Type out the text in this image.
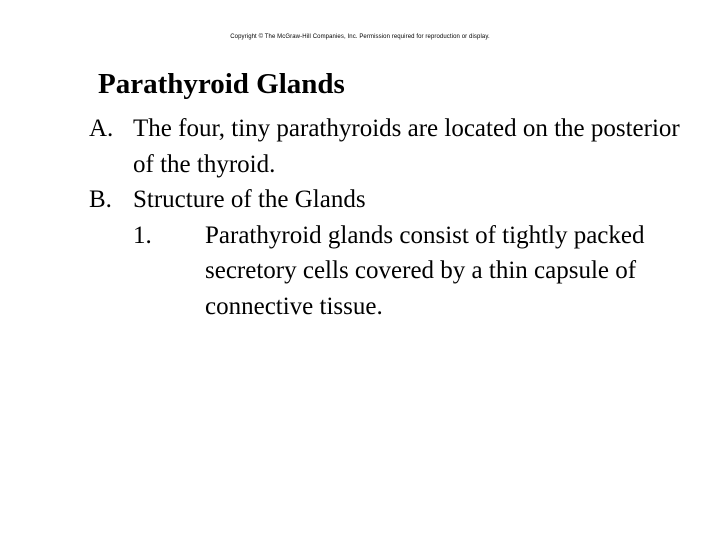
Copyright © The McGraw-Hill Companies, Inc. Permission required for reproduction or display.
Parathyroid Glands
A. The four, tiny parathyroids are located on the posterior of the thyroid.
B. Structure of the Glands
1. Parathyroid glands consist of tightly packed secretory cells covered by a thin capsule of connective tissue.
